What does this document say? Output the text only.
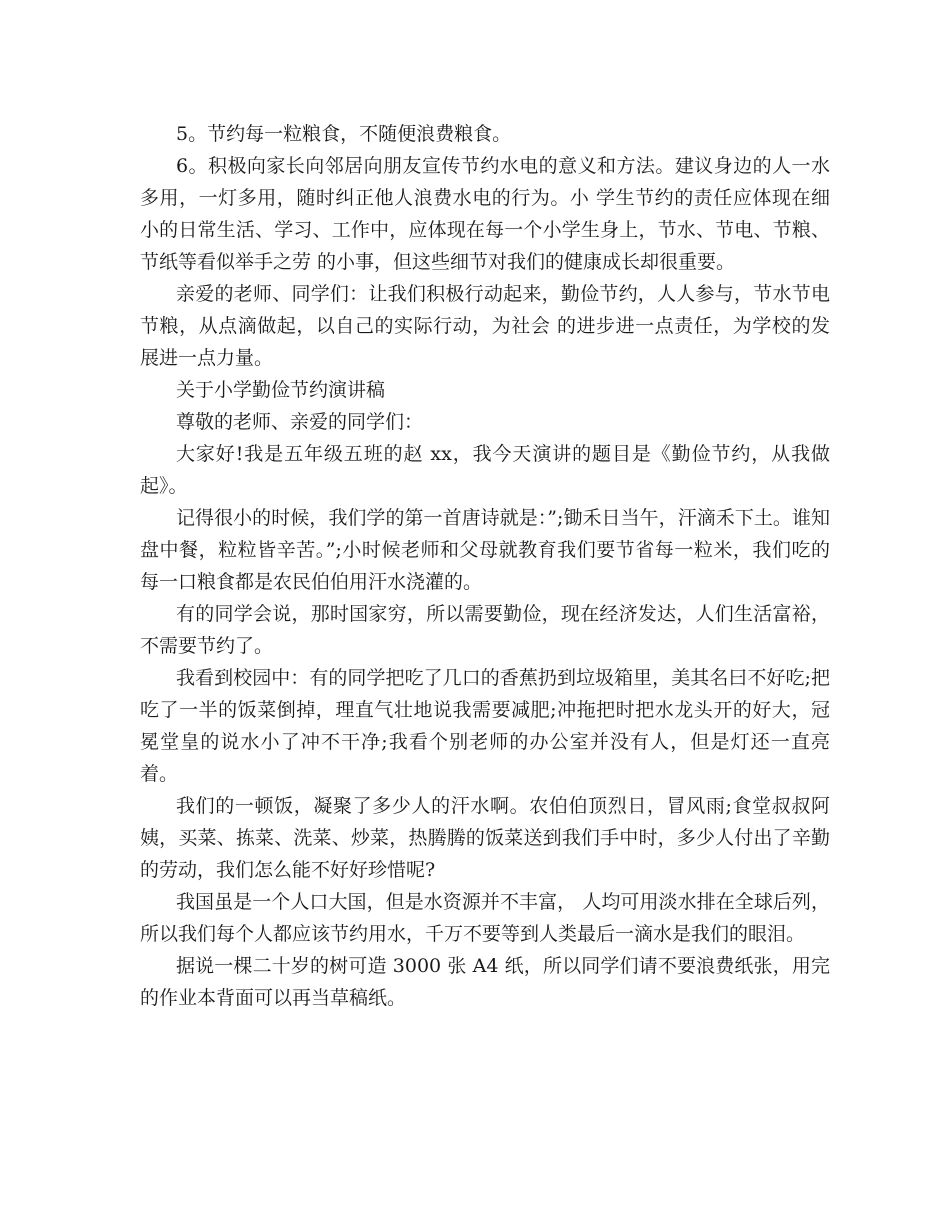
5。节约每一粒粮食，不随便浪费粮食。

6。积极向家长向邻居向朋友宣传节约水电的意义和方法。建议身边的人一水多用，一灯多用，随时纠正他人浪费水电的行为。小 学生节约的责任应体现在细小的日常生活、学习、工作中，应体现在每一个小学生身上，节水、节电、节粮、节纸等看似举手之劳 的小事，但这些细节对我们的健康成长却很重要。

亲爱的老师、同学们：让我们积极行动起来，勤俭节约，人人参与，节水节电节粮，从点滴做起，以自己的实际行动，为社会 的进步进一点责任，为学校的发展进一点力量。

关于小学勤俭节约演讲稿

尊敬的老师、亲爱的同学们：

大家好!我是五年级五班的赵 xx，我今天演讲的题目是《勤俭节约，从我做起》。

记得很小的时候，我们学的第一首唐诗就是：”;锄禾日当午，汗滴禾下土。谁知盘中餐，粒粒皆辛苦。”;小时候老师和父母就教育我们要节省每一粒米，我们吃的每一口粮食都是农民伯伯用汗水浇灌的。

有的同学会说，那时国家穷，所以需要勤俭，现在经济发达，人们生活富裕，不需要节约了。

我看到校园中：有的同学把吃了几口的香蕉扔到垃圾箱里，美其名曰不好吃;把吃了一半的饭菜倒掉，理直气壮地说我需要减肥;冲拖把时把水龙头开的好大，冠冕堂皇的说水小了冲不干净;我看个别老师的办公室并没有人，但是灯还一直亮着。

我们的一顿饭，凝聚了多少人的汗水啊。农伯伯顶烈日，冒风雨;食堂叔叔阿姨，买菜、拣菜、洗菜、炒菜，热腾腾的饭菜送到我们手中时，多少人付出了辛勤的劳动，我们怎么能不好好珍惜呢?

我国虽是一个人口大国，但是水资源并不丰富， 人均可用淡水排在全球后列，所以我们每个人都应该节约用水，千万不要等到人类最后一滴水是我们的眼泪。

据说一棵二十岁的树可造 3000 张 A4 纸，所以同学们请不要浪费纸张，用完的作业本背面可以再当草稿纸。
